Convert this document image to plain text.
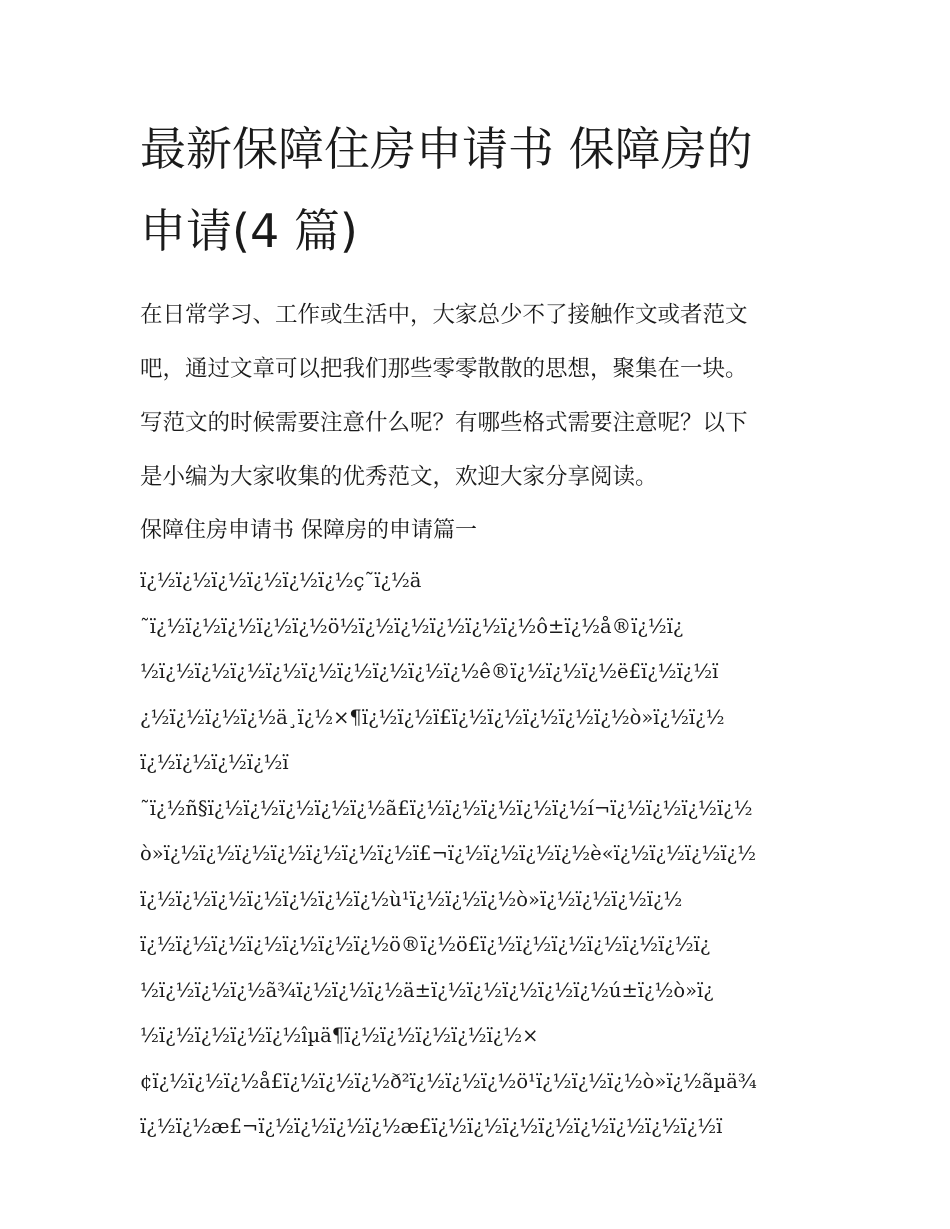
最新保障住房申请书 保障房的
申请(4 篇)
在日常学习、工作或生活中，大家总少不了接触作文或者范文
吧，通过文章可以把我们那些零零散散的思想，聚集在一块。
写范文的时候需要注意什么呢？有哪些格式需要注意呢？以下
是小编为大家收集的优秀范文，欢迎大家分享阅读。
保障住房申请书 保障房的申请篇一
ï¿½ï¿½ï¿½ï¿½ï¿½ï¿½ç˜ï¿½ä
˜ï¿½ï¿½ï¿½ï¿½ï¿½ö½ï¿½ï¿½ï¿½ï¿½ï¿½ô±ï¿½å®ï¿½ï¿
½ï¿½ï¿½ï¿½ï¿½ï¿½ï¿½ï¿½ï¿½ï¿½ê®ï¿½ï¿½ï¿½ë£ï¿½ï¿½ï
¿½ï¿½ï¿½ï¿½ä¸ï¿½×¶ï¿½ï¿½ï£ï¿½ï¿½ï¿½ï¿½ï¿½ò»ï¿½ï¿½
ï¿½ï¿½ï¿½ï¿½ï
˜ï¿½ñ§ï¿½ï¿½ï¿½ï¿½ï¿½ã£ï¿½ï¿½ï¿½ï¿½ï¿½í¬ï¿½ï¿½ï¿½ï¿½
ò»ï¿½ï¿½ï¿½ï¿½ï¿½ï¿½ï¿½ï£¬ï¿½ï¿½ï¿½ï¿½è«ï¿½ï¿½ï¿½ï¿½
ï¿½ï¿½ï¿½ï¿½ï¿½ï¿½ï¿½ù¹ï¿½ï¿½ï¿½ò»ï¿½ï¿½ï¿½ï¿½
ï¿½ï¿½ï¿½ï¿½ï¿½ï¿½ï¿½ö®ï¿½ö£ï¿½ï¿½ï¿½ï¿½ï¿½ï¿½ï¿
½ï¿½ï¿½ï¿½ã¾ï¿½ï¿½ï¿½ä±ï¿½ï¿½ï¿½ï¿½ï¿½ú±ï¿½ò»ï¿
½ï¿½ï¿½ï¿½ï¿½îµä¶ï¿½ï¿½ï¿½ï¿½ï¿½×
¢ï¿½ï¿½ï¿½å£ï¿½ï¿½ï¿½ð²ï¿½ï¿½ï¿½ö¹ï¿½ï¿½ï¿½ò»ï¿½ãµä¾
ï¿½ï¿½æ£¬ï¿½ï¿½ï¿½ï¿½æ£ï¿½ï¿½ï¿½ï¿½ï¿½ï¿½ï¿½ï¿½ï
